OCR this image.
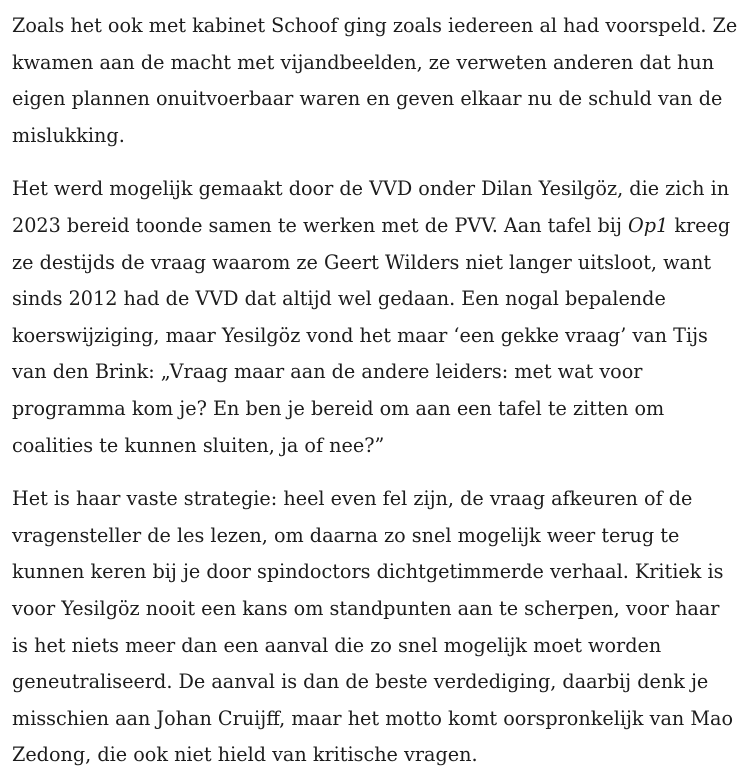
Zoals het ook met kabinet Schoof ging zoals iedereen al had voorspeld. Ze kwamen aan de macht met vijandbeelden, ze verweten anderen dat hun eigen plannen onuitvoerbaar waren en geven elkaar nu de schuld van de mislukking.

Het werd mogelijk gemaakt door de VVD onder Dilan Yesilgöz, die zich in 2023 bereid toonde samen te werken met de PVV. Aan tafel bij Op1 kreeg ze destijds de vraag waarom ze Geert Wilders niet langer uitsloot, want sinds 2012 had de VVD dat altijd wel gedaan. Een nogal bepalende koerswijziging, maar Yesilgöz vond het maar ‘een gekke vraag’ van Tijs van den Brink: „Vraag maar aan de andere leiders: met wat voor programma kom je? En ben je bereid om aan een tafel te zitten om coalities te kunnen sluiten, ja of nee?”

Het is haar vaste strategie: heel even fel zijn, de vraag afkeuren of de vragensteller de les lezen, om daarna zo snel mogelijk weer terug te kunnen keren bij je door spindoctors dichtgetimmerde verhaal. Kritiek is voor Yesilgöz nooit een kans om standpunten aan te scherpen, voor haar is het niets meer dan een aanval die zo snel mogelijk moet worden geneutraliseerd. De aanval is dan de beste verdediging, daarbij denk je misschien aan Johan Cruijff, maar het motto komt oorspronkelijk van Mao Zedong, die ook niet hield van kritische vragen.
